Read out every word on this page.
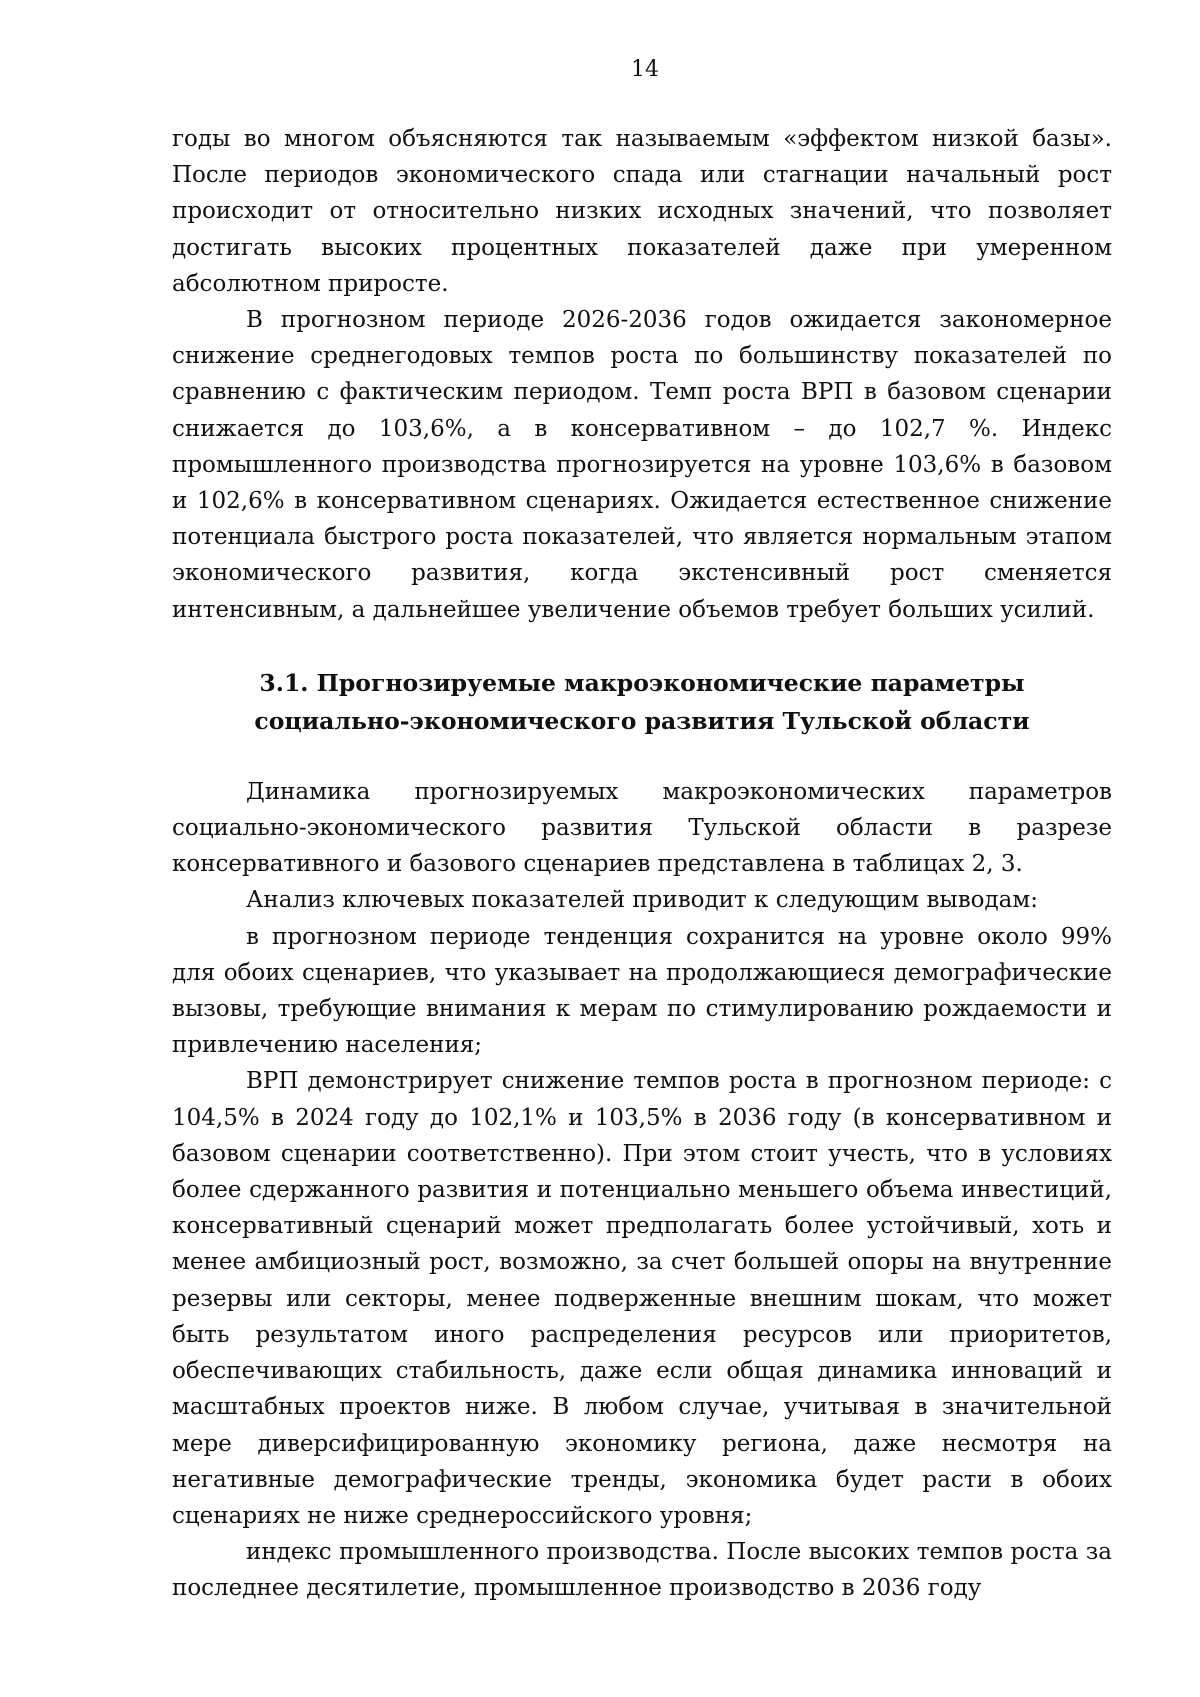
14

годы во многом объясняются так называемым «эффектом низкой базы». После периодов экономического спада или стагнации начальный рост происходит от относительно низких исходных значений, что позволяет достигать высоких процентных показателей даже при умеренном абсолютном приросте.

В прогнозном периоде 2026-2036 годов ожидается закономерное снижение среднегодовых темпов роста по большинству показателей по сравнению с фактическим периодом. Темп роста ВРП в базовом сценарии снижается до 103,6%, а в консервативном – до 102,7 %. Индекс промышленного производства прогнозируется на уровне 103,6% в базовом и 102,6% в консервативном сценариях. Ожидается естественное снижение потенциала быстрого роста показателей, что является нормальным этапом экономического развития, когда экстенсивный рост сменяется интенсивным, а дальнейшее увеличение объемов требует больших усилий.

3.1. Прогнозируемые макроэкономические параметры

социально-экономического развития Тульской области

Динамика прогнозируемых макроэкономических параметров социально-экономического развития Тульской области в разрезе консервативного и базового сценариев представлена в таблицах 2, 3.

Анализ ключевых показателей приводит к следующим выводам:

в прогнозном периоде тенденция сохранится на уровне около 99% для обоих сценариев, что указывает на продолжающиеся демографические вызовы, требующие внимания к мерам по стимулированию рождаемости и привлечению населения;

ВРП демонстрирует снижение темпов роста в прогнозном периоде: с 104,5% в 2024 году до 102,1% и 103,5% в 2036 году (в консервативном и базовом сценарии соответственно). При этом стоит учесть, что в условиях более сдержанного развития и потенциально меньшего объема инвестиций, консервативный сценарий может предполагать более устойчивый, хоть и менее амбициозный рост, возможно, за счет большей опоры на внутренние резервы или секторы, менее подверженные внешним шокам, что может быть результатом иного распределения ресурсов или приоритетов, обеспечивающих стабильность, даже если общая динамика инноваций и масштабных проектов ниже. В любом случае, учитывая в значительной мере диверсифицированную экономику региона, даже несмотря на негативные демографические тренды, экономика будет расти в обоих сценариях не ниже среднероссийского уровня;

индекс промышленного производства. После высоких темпов роста за последнее десятилетие, промышленное производство в 2036 году
